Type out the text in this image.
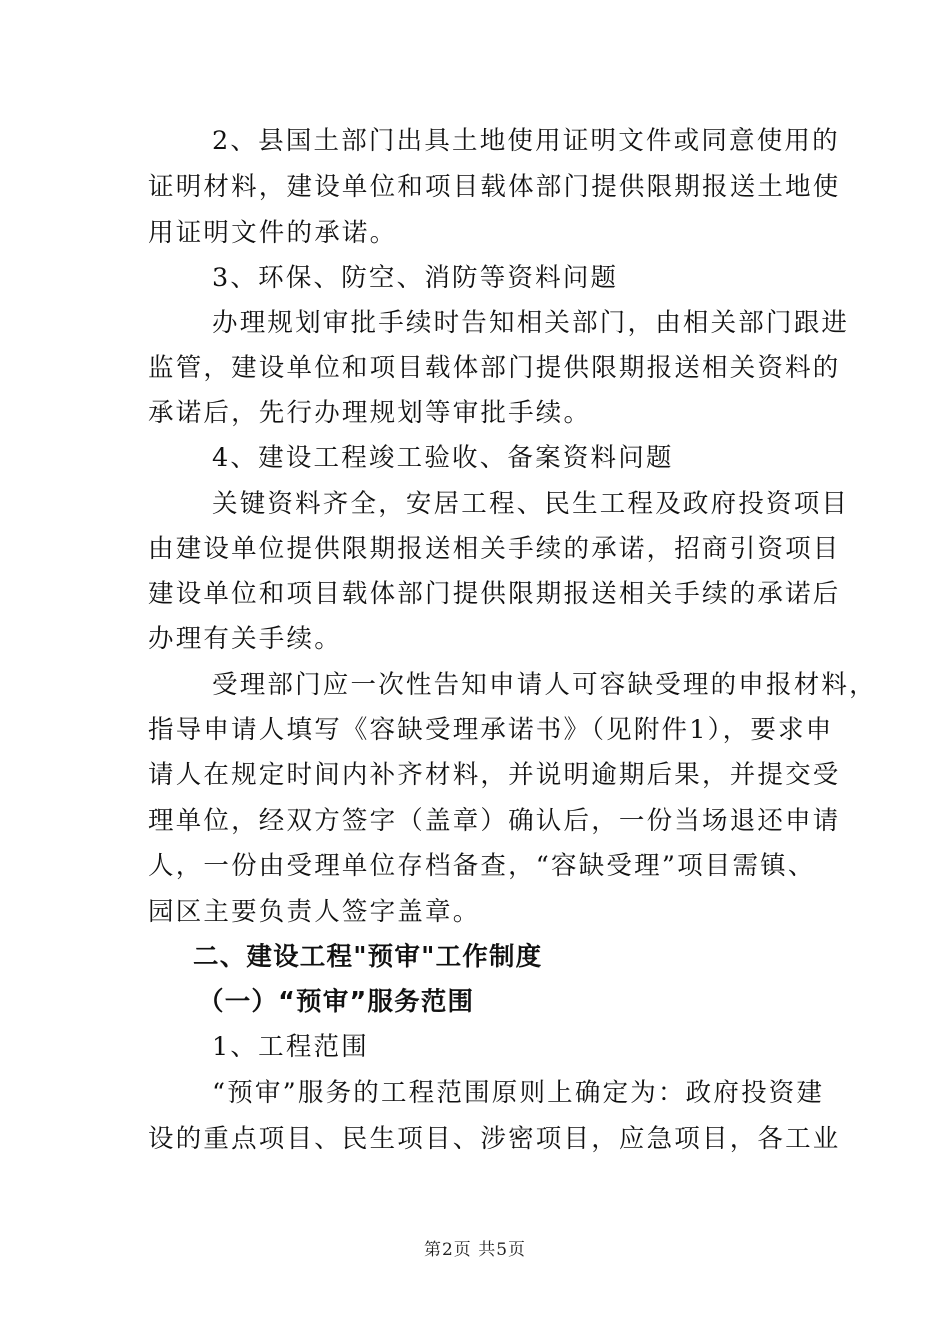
2、县国土部门出具土地使用证明文件或同意使用的
证明材料，建设单位和项目载体部门提供限期报送土地使
用证明文件的承诺。
3、环保、防空、消防等资料问题
办理规划审批手续时告知相关部门，由相关部门跟进
监管，建设单位和项目载体部门提供限期报送相关资料的
承诺后，先行办理规划等审批手续。
4、建设工程竣工验收、备案资料问题
关键资料齐全，安居工程、民生工程及政府投资项目
由建设单位提供限期报送相关手续的承诺，招商引资项目
建设单位和项目载体部门提供限期报送相关手续的承诺后
办理有关手续。
受理部门应一次性告知申请人可容缺受理的申报材料，
指导申请人填写《容缺受理承诺书》（见附件1），要求申
请人在规定时间内补齐材料，并说明逾期后果，并提交受
理单位，经双方签字（盖章）确认后，一份当场退还申请
人，一份由受理单位存档备查，“容缺受理”项目需镇、
园区主要负责人签字盖章。
二、建设工程"预审"工作制度
（一）“预审”服务范围
1、工程范围
“预审”服务的工程范围原则上确定为：政府投资建
设的重点项目、民生项目、涉密项目，应急项目，各工业
第2页 共5页
